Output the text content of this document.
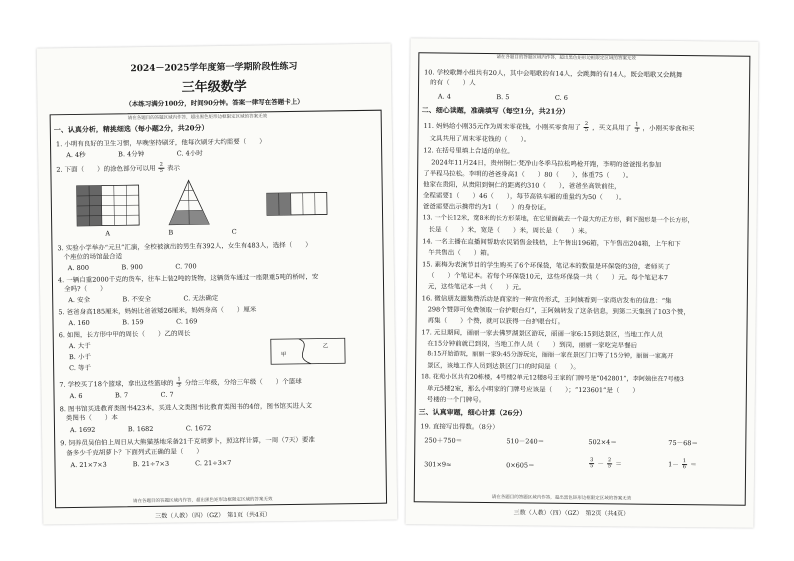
2024－2025学年度第一学期阶段性练习
三年级数学
（本练习满分100分，时间90分钟。答案一律写在答题卡上）
请在各题目的答题区域内作答，超出黑色矩形边框限定区域的答案无效
请在各题目的答题区域内作答，超出黑色矩形边框限定区域的答案无效
一、认真分析，精挑细选（每小题2分，共20分）
1. 小明有良好的卫生习惯，早晚坚持刷牙，他每次刷牙大约需要（　　）
A. 4秒　　　　　B. 4分钟　　　　　C. 4小时
2. 下面（　　）的涂色部分可以用 $\frac{2}{5}$ 表示
A　　　　　　　　　B　　　　　　　　　C
3. 实验小学举办“元旦”汇演，全校被演出的男生有392人，女生有483人，选择（　　）
个座位的场馆最合适
A. 800　　　　　B. 900　　　　　C. 700
4. 一辆自重2000千克的货车，往车上装2吨的货物，这辆货车通过一座限重5吨的桥时，安
全吗?（　　）
A. 安全　　　　　B. 不安全　　　　　C. 无法确定
5. 爸爸身高185厘米，妈妈比爸爸矮26厘米，妈妈身高（　　）厘米
A. 160　　　　　B. 159　　　　　C. 169
6. 如图，长方形中甲的周长（　　）乙的周长
A. 大于
B. 小于
C. 等于
甲
乙
7. 学校买了18个篮球，拿出这些篮球的 $\frac{1}{3}$ 分给三年级，分给三年级（　　）个篮球
A. 6　　　　　B. 7　　　　　C. 7
8. 图书馆买进教育类图书423本，买进人文类图书比教育类图书的4倍，图书馆买进人文
类图书（　　）本
A. 1692　　　　　B. 1682　　　　　C. 1672
9. 饲养员吴伯伯上周日从大熊猫基地采备21千克胡萝卜，照这样计算，一周（7天）要准
备多少千克胡萝卜？下面列式正确的是（　　）
A. 21×7×3　　　　B. 21÷7×3　　　　C. 21÷3×7
三数（人教）（四）（GZ）　第1页（共4页）
请在各题目的答题区域内作答，超出黑色矩形边框限定区域的答案无效
请在各题目的答题区域内作答，超出黑色矩形边框限定区域的答案无效
10. 学校歌舞小组共有20人，其中会唱歌的有14人，会跳舞的有14人，既会唱歌又会跳舞
的有（　　）人
A. 4　　　　　　　B. 5　　　　　　　C. 6
二、细心读题，准确填写（每空1分，共21分）
11. 妈妈给小刚35元作为周末零花钱，小刚买零食用了 $\frac{2}{5}$ ，买文具用了 $\frac{1}{3}$ ，小刚买零食和买
文具共用了周末零花钱的（　　）。
12. 在括号里填上合适的单位。
2024年11月24日，贵州铜仁·梵净山冬季马拉松鸣枪开跑，李明的爸爸报名参加
了半程马拉松。李明的爸爸身高1（　　）80（　　），体重75（　　）。
他家在贵阳，从贵阳到铜仁的距离约310（　　），爸爸坐高铁前往，
全程需要1（　　）46（　　），每节高铁车厢的重量约为50（　　）。
爸爸需要出示携带约为1（　　）的身份证。
13. 一个长12米，宽8米的长方形菜地，在它里面截去一个最大的正方形，剩下图形是一个长方形，
长是（　　）米，宽是（　　）米，周长是（　　）米。
14. 一名主播在直播间帮助农民销售金钱桔，上午售出196箱，下午售出204箱，上午和下
午共售出（　　）箱。
15. 素梅为表演节目的学生购买了6个环保袋，笔记本的数量是环保袋的3倍，老师买了
（　　）个笔记本。若每个环保袋10元，这些环保袋一共（　　）元。每个笔记本7
元，这些笔记本一共（　　）元。
16. 微信朋友圈集赞活动是商家的一种宣传形式，王阿姨看到一家商店发布的信息：“集
298个赞即可免费领取一台护眼台灯”，王阿姨转发了这条信息，到第二天集到了103个赞，
再集（　　）个赞，就可以获得一台护眼台灯。
17. 元旦期间，丽丽一家去佛罗湖景区游玩，丽丽一家6:15到达景区，当地工作人员
在15分钟前就已到岗，当地工作人员（　　）到岗，丽丽一家吃完早餐后
8:15开始游玩，丽丽一家9:45分游玩完，丽丽一家在景区门口等了15分钟，丽丽一家离开
景区，该地工作人员到达景区门口的时间是（　　）。
18. 花苑小区共有20栋楼，4号楼2单元12楼8号王家的门牌号是“042801”，李阿姨住在7号楼3
单元5楼2室，那么小明家的门牌号应该是（　　）；“123601”是（　　）
号楼的一个门牌号。
三、认真审题，细心计算（26分）
19. 直接写出得数。（8分）
250＋750＝	510－240＝	502×4＝	75－68＝
301×9≈	0×605＝	$\frac{3}{5} - \frac{2}{5}$ ＝	$1- \frac{1}{6}$ ＝
三数（人教）（四）（GZ）　第2页（共4页）
